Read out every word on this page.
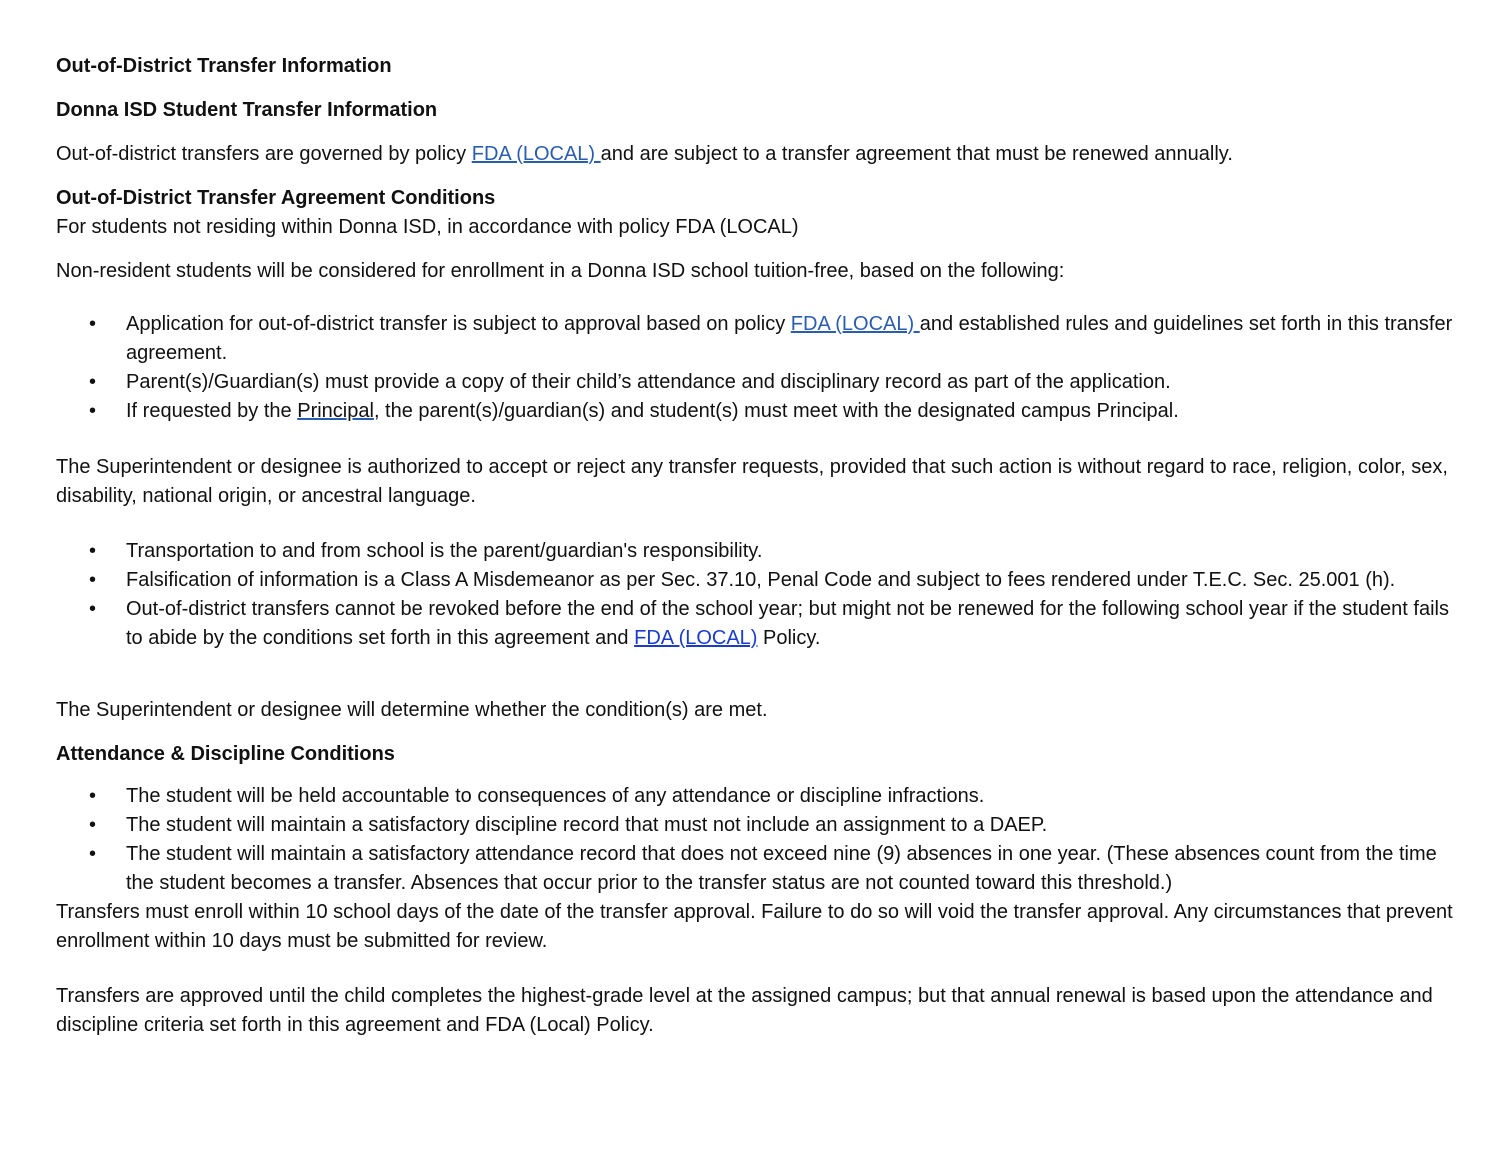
Out-of-District Transfer Information
Donna ISD Student Transfer Information

Out-of-district transfers are governed by policy FDA (LOCAL) and are subject to a transfer agreement that must be renewed annually.

Out-of-District Transfer Agreement Conditions

For students not residing within Donna ISD, in accordance with policy FDA (LOCAL)

Non-resident students will be considered for enrollment in a Donna ISD school tuition-free, based on the following:

• Application for out-of-district transfer is subject to approval based on policy FDA (LOCAL) and established rules and guidelines set forth in this transfer agreement.
• Parent(s)/Guardian(s) must provide a copy of their child’s attendance and disciplinary record as part of the application.
• If requested by the Principal, the parent(s)/guardian(s) and student(s) must meet with the designated campus Principal.

The Superintendent or designee is authorized to accept or reject any transfer requests, provided that such action is without regard to race, religion, color, sex, disability, national origin, or ancestral language.

• Transportation to and from school is the parent/guardian's responsibility.
• Falsification of information is a Class A Misdemeanor as per Sec. 37.10, Penal Code and subject to fees rendered under T.E.C. Sec. 25.001 (h).
• Out-of-district transfers cannot be revoked before the end of the school year; but might not be renewed for the following school year if the student fails to abide by the conditions set forth in this agreement and FDA (LOCAL) Policy.

The Superintendent or designee will determine whether the condition(s) are met.

Attendance & Discipline Conditions
• The student will be held accountable to consequences of any attendance or discipline infractions.
• The student will maintain a satisfactory discipline record that must not include an assignment to a DAEP.
• The student will maintain a satisfactory attendance record that does not exceed nine (9) absences in one year. (These absences count from the time the student becomes a transfer. Absences that occur prior to the transfer status are not counted toward this threshold.)

Transfers must enroll within 10 school days of the date of the transfer approval. Failure to do so will void the transfer approval. Any circumstances that prevent enrollment within 10 days must be submitted for review.

Transfers are approved until the child completes the highest-grade level at the assigned campus; but that annual renewal is based upon the attendance and discipline criteria set forth in this agreement and FDA (Local) Policy.
